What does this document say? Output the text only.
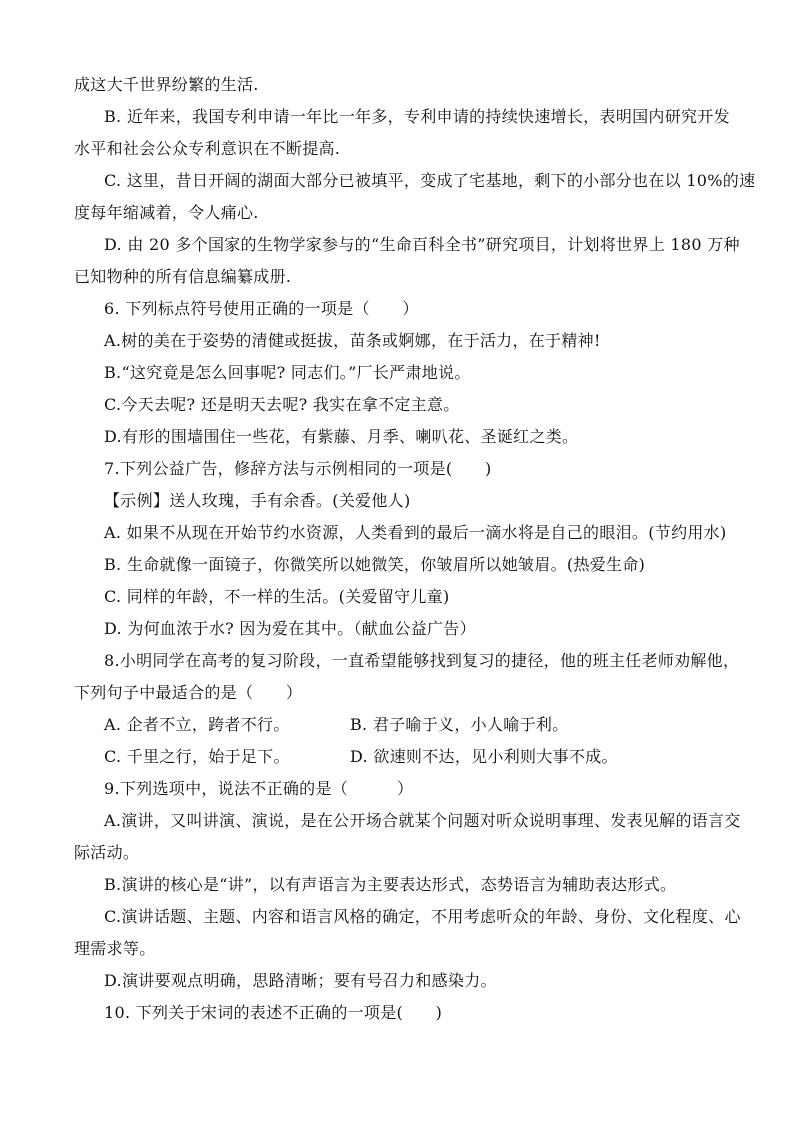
成这大千世界纷繁的生活.
B. 近年来，我国专利申请一年比一年多，专利申请的持续快速增长，表明国内研究开发
水平和社会公众专利意识在不断提高.
C. 这里，昔日开阔的湖面大部分已被填平，变成了宅基地，剩下的小部分也在以 10%的速
度每年缩减着，令人痛心.
D. 由 20 多个国家的生物学家参与的“生命百科全书”研究项目，计划将世界上 180 万种
已知物种的所有信息编纂成册.
6. 下列标点符号使用正确的一项是（　　）
A.树的美在于姿势的清健或挺拔，苗条或婀娜，在于活力，在于精神!
B.“这究竟是怎么回事呢? 同志们。”厂长严肃地说。
C.今天去呢? 还是明天去呢? 我实在拿不定主意。
D.有形的围墙围住一些花，有紫藤、月季、喇叭花、圣诞红之类。
7.下列公益广告，修辞方法与示例相同的一项是(　　)
【示例】送人玫瑰，手有余香。(关爱他人)
A. 如果不从现在开始节约水资源，人类看到的最后一滴水将是自己的眼泪。(节约用水)
B. 生命就像一面镜子，你微笑所以她微笑，你皱眉所以她皱眉。(热爱生命)
C. 同样的年龄，不一样的生活。(关爱留守儿童)
D. 为何血浓于水? 因为爱在其中。（献血公益广告）
8.小明同学在高考的复习阶段，一直希望能够找到复习的捷径，他的班主任老师劝解他，
下列句子中最适合的是（　　）
A. 企者不立，跨者不行。	B. 君子喻于义，小人喻于利。
C. 千里之行，始于足下。	D. 欲速则不达，见小利则大事不成。
9.下列选项中，说法不正确的是（　　　）
A.演讲，又叫讲演、演说，是在公开场合就某个问题对听众说明事理、发表见解的语言交
际活动。
B.演讲的核心是“讲”，以有声语言为主要表达形式，态势语言为辅助表达形式。
C.演讲话题、主题、内容和语言风格的确定，不用考虑听众的年龄、身份、文化程度、心
理需求等。
D.演讲要观点明确，思路清晰；要有号召力和感染力。
10. 下列关于宋词的表述不正确的一项是(　　)
